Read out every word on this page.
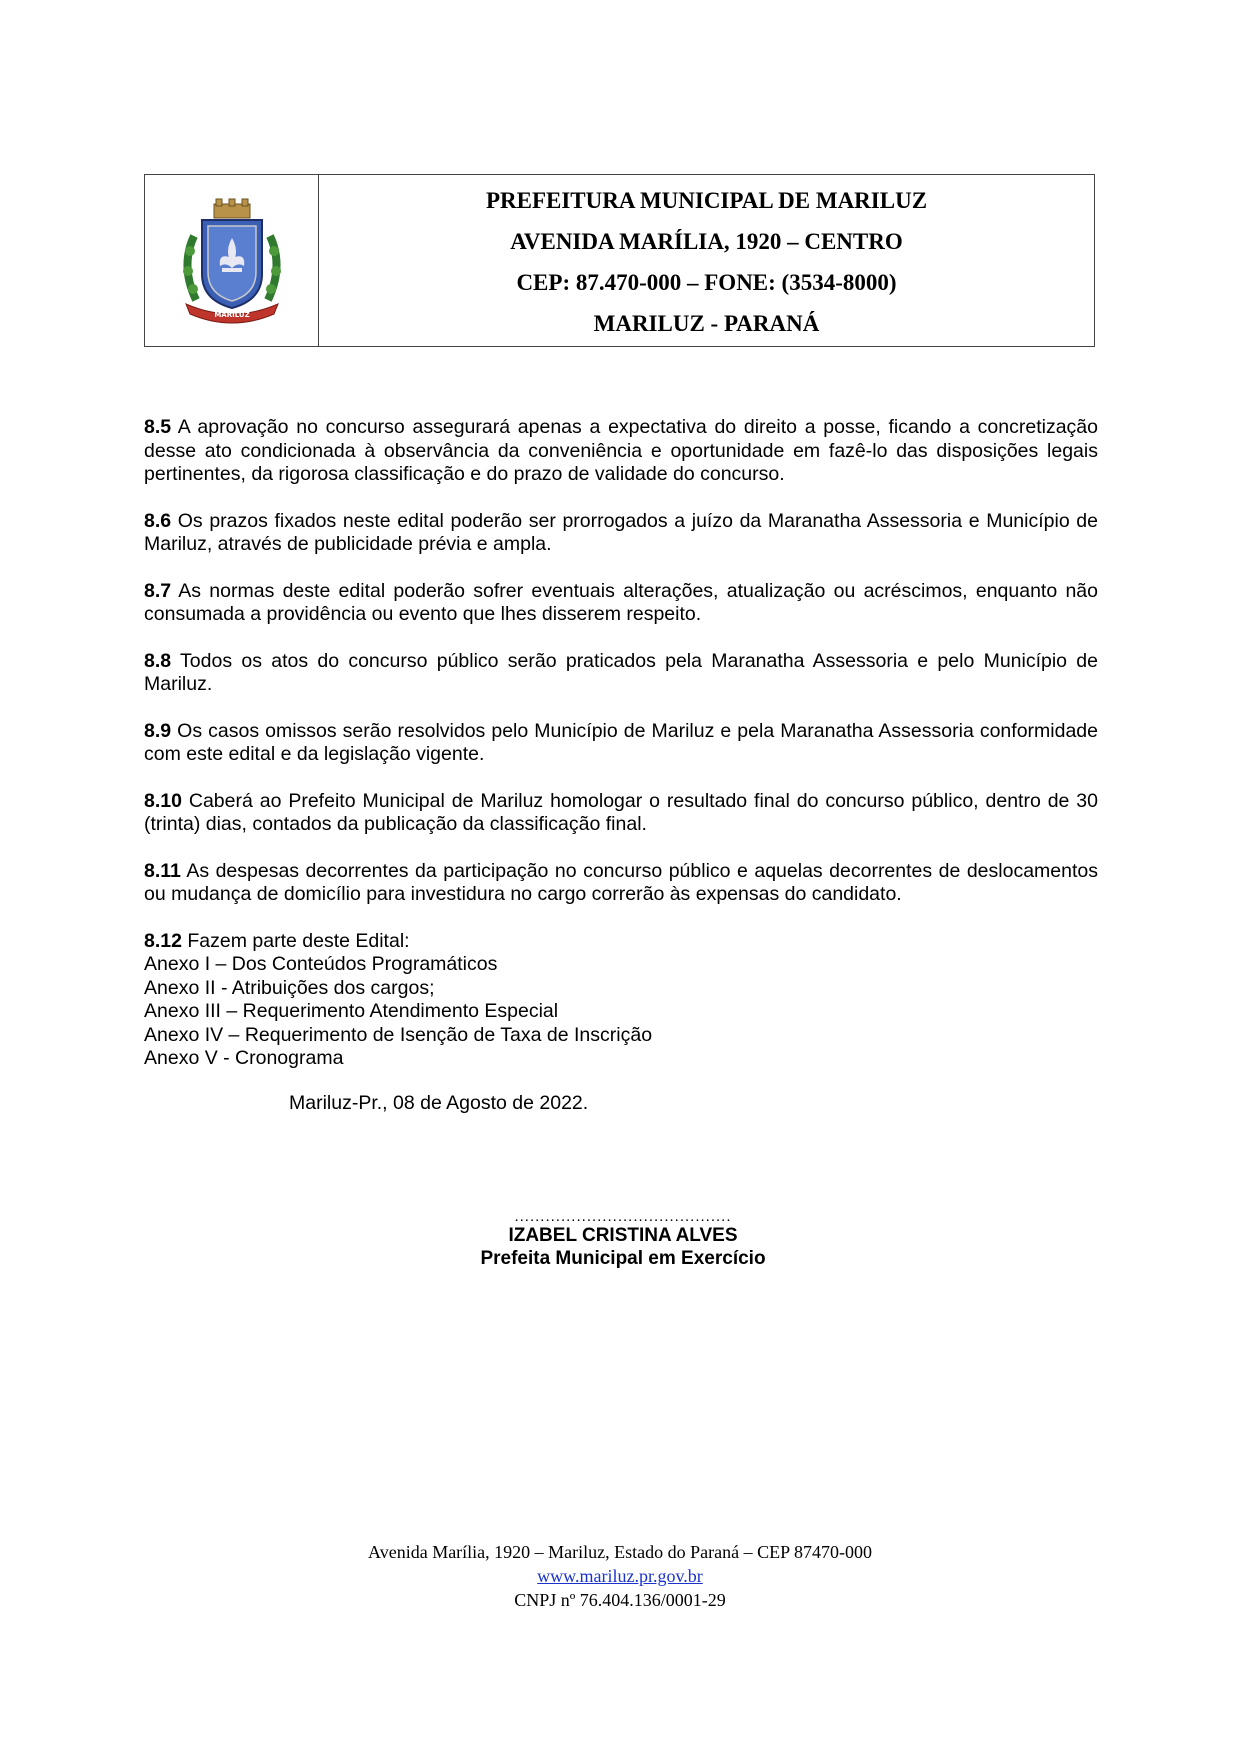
MARILUZ
PREFEITURA MUNICIPAL DE MARILUZ
AVENIDA MARÍLIA, 1920 – CENTRO
CEP: 87.470-000 – FONE: (3534-8000)
MARILUZ - PARANÁ

8.5 A aprovação no concurso assegurará apenas a expectativa do direito a posse, ficando a concretização desse ato condicionada à observância da conveniência e oportunidade em fazê-lo das disposições legais pertinentes, da rigorosa classificação e do prazo de validade do concurso.

8.6 Os prazos fixados neste edital poderão ser prorrogados a juízo da Maranatha Assessoria e Município de Mariluz, através de publicidade prévia e ampla.

8.7 As normas deste edital poderão sofrer eventuais alterações, atualização ou acréscimos, enquanto não consumada a providência ou evento que lhes disserem respeito.

8.8 Todos os atos do concurso público serão praticados pela Maranatha Assessoria e pelo Município de Mariluz.

8.9 Os casos omissos serão resolvidos pelo Município de Mariluz e pela Maranatha Assessoria conformidade com este edital e da legislação vigente.

8.10 Caberá ao Prefeito Municipal de Mariluz homologar o resultado final do concurso público, dentro de 30 (trinta) dias, contados da publicação da classificação final.

8.11 As despesas decorrentes da participação no concurso público e aquelas decorrentes de deslocamentos ou mudança de domicílio para investidura no cargo correrão às expensas do candidato.

8.12 Fazem parte deste Edital:
Anexo I – Dos Conteúdos Programáticos
Anexo II - Atribuições dos cargos;
Anexo III – Requerimento Atendimento Especial
Anexo IV – Requerimento de Isenção de Taxa de Inscrição
Anexo V - Cronograma
Mariluz-Pr., 08 de Agosto de 2022.
..........................................
IZABEL CRISTINA ALVES
Prefeita Municipal em Exercício
Avenida Marília, 1920 – Mariluz, Estado do Paraná – CEP 87470-000
www.mariluz.pr.gov.br
CNPJ nº 76.404.136/0001-29
